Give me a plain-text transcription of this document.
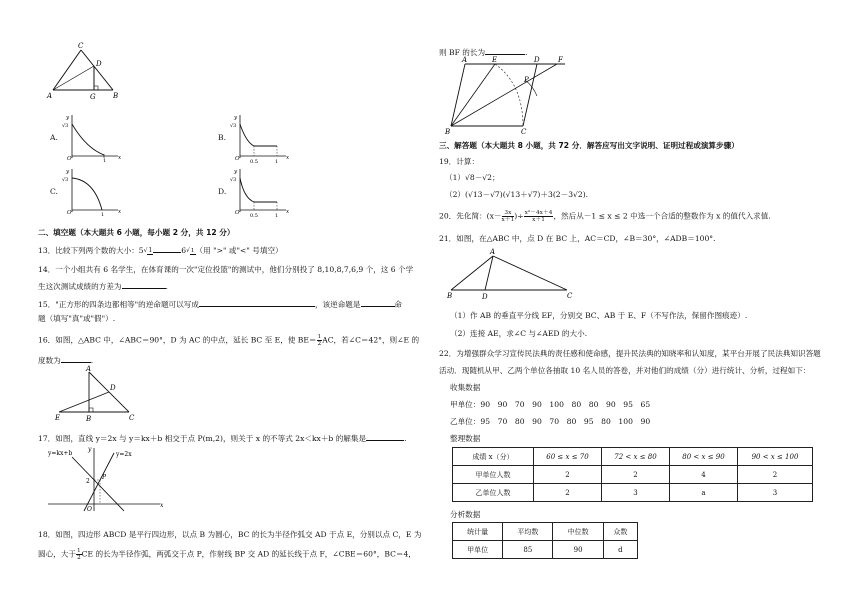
C
D
A	G B
A.
y
√3
O	1 x
B.
y
√3
O 0.5	1
x
C.
y
√3
O	1	x
D.
y
√3
O 0.5	1
x
二、填空题（本大题共 6 小题，每小题 2 分，共 12 分）
13．比较下列两个数的大小：5√1	6√1（用 ">" 或"<" 号填空）
14．一个小组共有 6 名学生，在体育课的一次"定位投篮"的测试中，他们分别投了 8,10,8,7,6,9 个，这 6 个学
生这次测试成绩的方差为	.
15．"正方形的四条边都相等"的逆命题可以写成	，该逆命题是	命
题（填写"真"或"假"）.
16．如图，△ABC 中，∠ABC＝90°，D 为 AC 的中点，延长 BC 至 E，使 $BE= \frac{1}{2}$ AC，若∠C＝42°，则∠E 的
度数为	.
A
D
E	B	C
17．如图，直线 y＝2x 与 y＝kx＋b 相交于点 P(m,2)，则关于 x 的不等式 2x＜kx＋b 的解集是	.
y=kx+b	y=2x
y
2
P
O
x
18．如图，四边形 ABCD 是平行四边形，以点 B 为圆心，BC 的长为半径作弧交 AD 于点 E，分别以点 C，E 为
圆心，大于 $\frac{1}{2}$ CE 的长为半径作弧，两弧交于点 P，作射线 BP 交 AD 的延长线于点 F，∠CBE＝60°，BC＝4，
则 BF 的长为	.
A	E	D	F
P
B	C
三、解答题（本大题共 8 小题，共 72 分．解答应写出文字说明、证明过程或演算步骤）
19．计算：
（1）√8－√2；
（2）(√13－√7)(√13＋√7)＋3(2－3√2).
20．先化简：($x- \frac{3x}{x+1}$ )÷ $\frac{\text{x²－4x＋4}}{x+1}$ ，然后从－1 ≤ x ≤ 2 中选一个合适的整数作为 x 的值代入求值.
21．如图，在△ABC 中，点 D 在 BC 上，AC＝CD，∠B＝30°，∠ADB＝100°.
A
B	D	C
（1）作 AB 的垂直平分线 EF，分别交 BC、AB 于 E、F（不写作法，保留作图痕迹）.
（2）连接 AE，求∠C 与∠AED 的大小.
22．为增强群众学习宣传民法典的责任感和使命感，提升民法典的知晓率和认知度，某平台开展了民法典知识答题
活动．现随机从甲、乙两个单位各抽取 10 名人员的答卷，并对他们的成绩（分）进行统计、分析，过程如下：
收集数据
甲单位：90　90　70　90　100　80　80　90　95　65
乙单位：95　70　80　90　70　80　95　80　100　90
整理数据
成绩 x（分）	60 ≤ x ≤ 70	72 < x ≤ 80	80 < x ≤ 90	90 < x ≤ 100
甲单位人数	2	2	4	2
乙单位人数	2	3	a	3
分析数据
统计量	平均数	中位数	众数
甲单位	85	90	d
